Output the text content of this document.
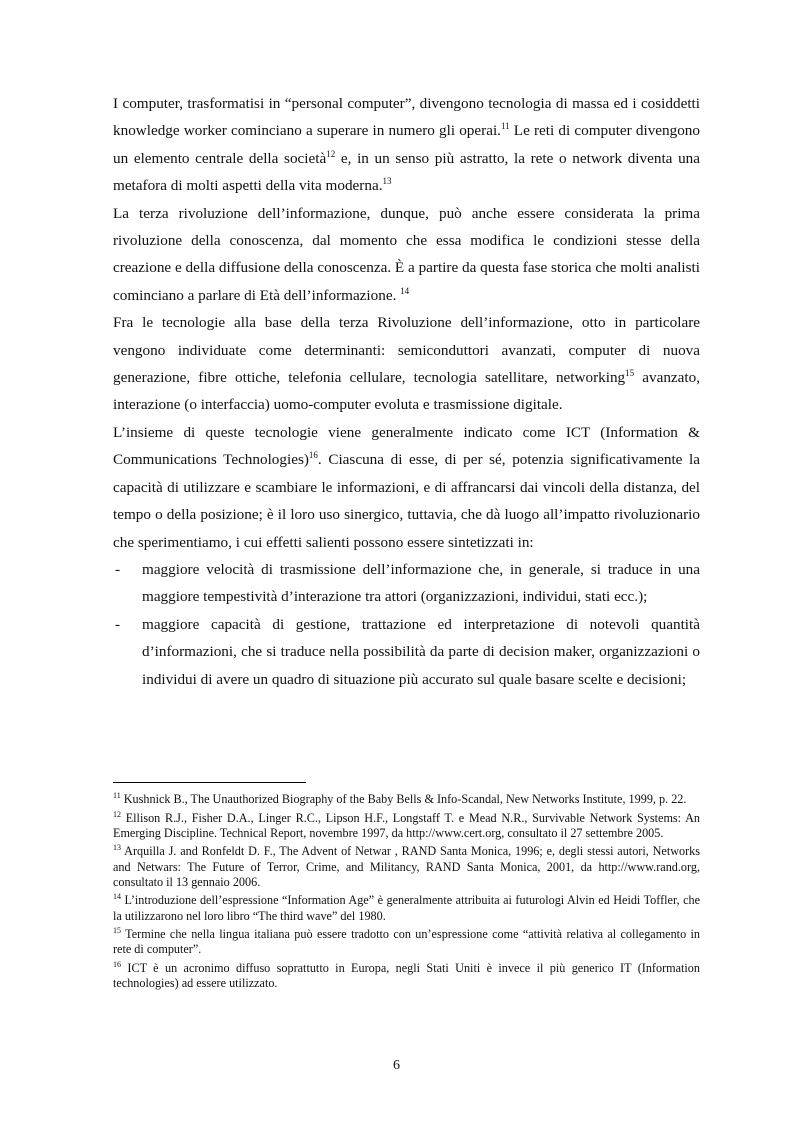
I computer, trasformatisi in “personal computer”, divengono tecnologia di massa ed i cosiddetti knowledge worker cominciano a superare in numero gli operai.$^{11}$ Le reti di computer divengono un elemento centrale della società$^{12}$ e, in un senso più astratto, la rete o network diventa una metafora di molti aspetti della vita moderna.$^{13}$

La terza rivoluzione dell’informazione, dunque, può anche essere considerata la prima rivoluzione della conoscenza, dal momento che essa modifica le condizioni stesse della creazione e della diffusione della conoscenza. È a partire da questa fase storica che molti analisti cominciano a parlare di Età dell’informazione. $^{14}$

Fra le tecnologie alla base della terza Rivoluzione dell’informazione, otto in particolare vengono individuate come determinanti: semiconduttori avanzati, computer di nuova generazione, fibre ottiche, telefonia cellulare, tecnologia satellitare, networking$^{15}$ avanzato, interazione (o interfaccia) uomo-computer evoluta e trasmissione digitale.

L’insieme di queste tecnologie viene generalmente indicato come ICT (Information & Communications Technologies)$^{16}$. Ciascuna di esse, di per sé, potenzia significativamente la capacità di utilizzare e scambiare le informazioni, e di affrancarsi dai vincoli della distanza, del tempo o della posizione; è il loro uso sinergico, tuttavia, che dà luogo all’impatto rivoluzionario che sperimentiamo, i cui effetti salienti possono essere sintetizzati in:

- maggiore velocità di trasmissione dell’informazione che, in generale, si traduce in una maggiore tempestività d’interazione tra attori (organizzazioni, individui, stati ecc.);
- maggiore capacità di gestione, trattazione ed interpretazione di notevoli quantità d’informazioni, che si traduce nella possibilità da parte di decision maker, organizzazioni o individui di avere un quadro di situazione più accurato sul quale basare scelte e decisioni;

$^{11}$ Kushnick B., The Unauthorized Biography of the Baby Bells & Info-Scandal, New Networks Institute, 1999, p. 22.

$^{12}$ Ellison R.J., Fisher D.A., Linger R.C., Lipson H.F., Longstaff T. e Mead N.R., Survivable Network Systems: An Emerging Discipline. Technical Report, novembre 1997, da http://www.cert.org, consultato il 27 settembre 2005.

$^{13}$ Arquilla J. and Ronfeldt D. F., The Advent of Netwar , RAND Santa Monica, 1996; e, degli stessi autori, Networks and Netwars: The Future of Terror, Crime, and Militancy, RAND Santa Monica, 2001, da http://www.rand.org, consultato il 13 gennaio 2006.

$^{14}$ L’introduzione dell’espressione “Information Age” è generalmente attribuita ai futurologi Alvin ed Heidi Toffler, che la utilizzarono nel loro libro “The third wave” del 1980.

$^{15}$ Termine che nella lingua italiana può essere tradotto con un’espressione come “attività relativa al collegamento in rete di computer”.

$^{16}$ ICT è un acronimo diffuso soprattutto in Europa, negli Stati Uniti è invece il più generico IT (Information technologies) ad essere utilizzato.

6
